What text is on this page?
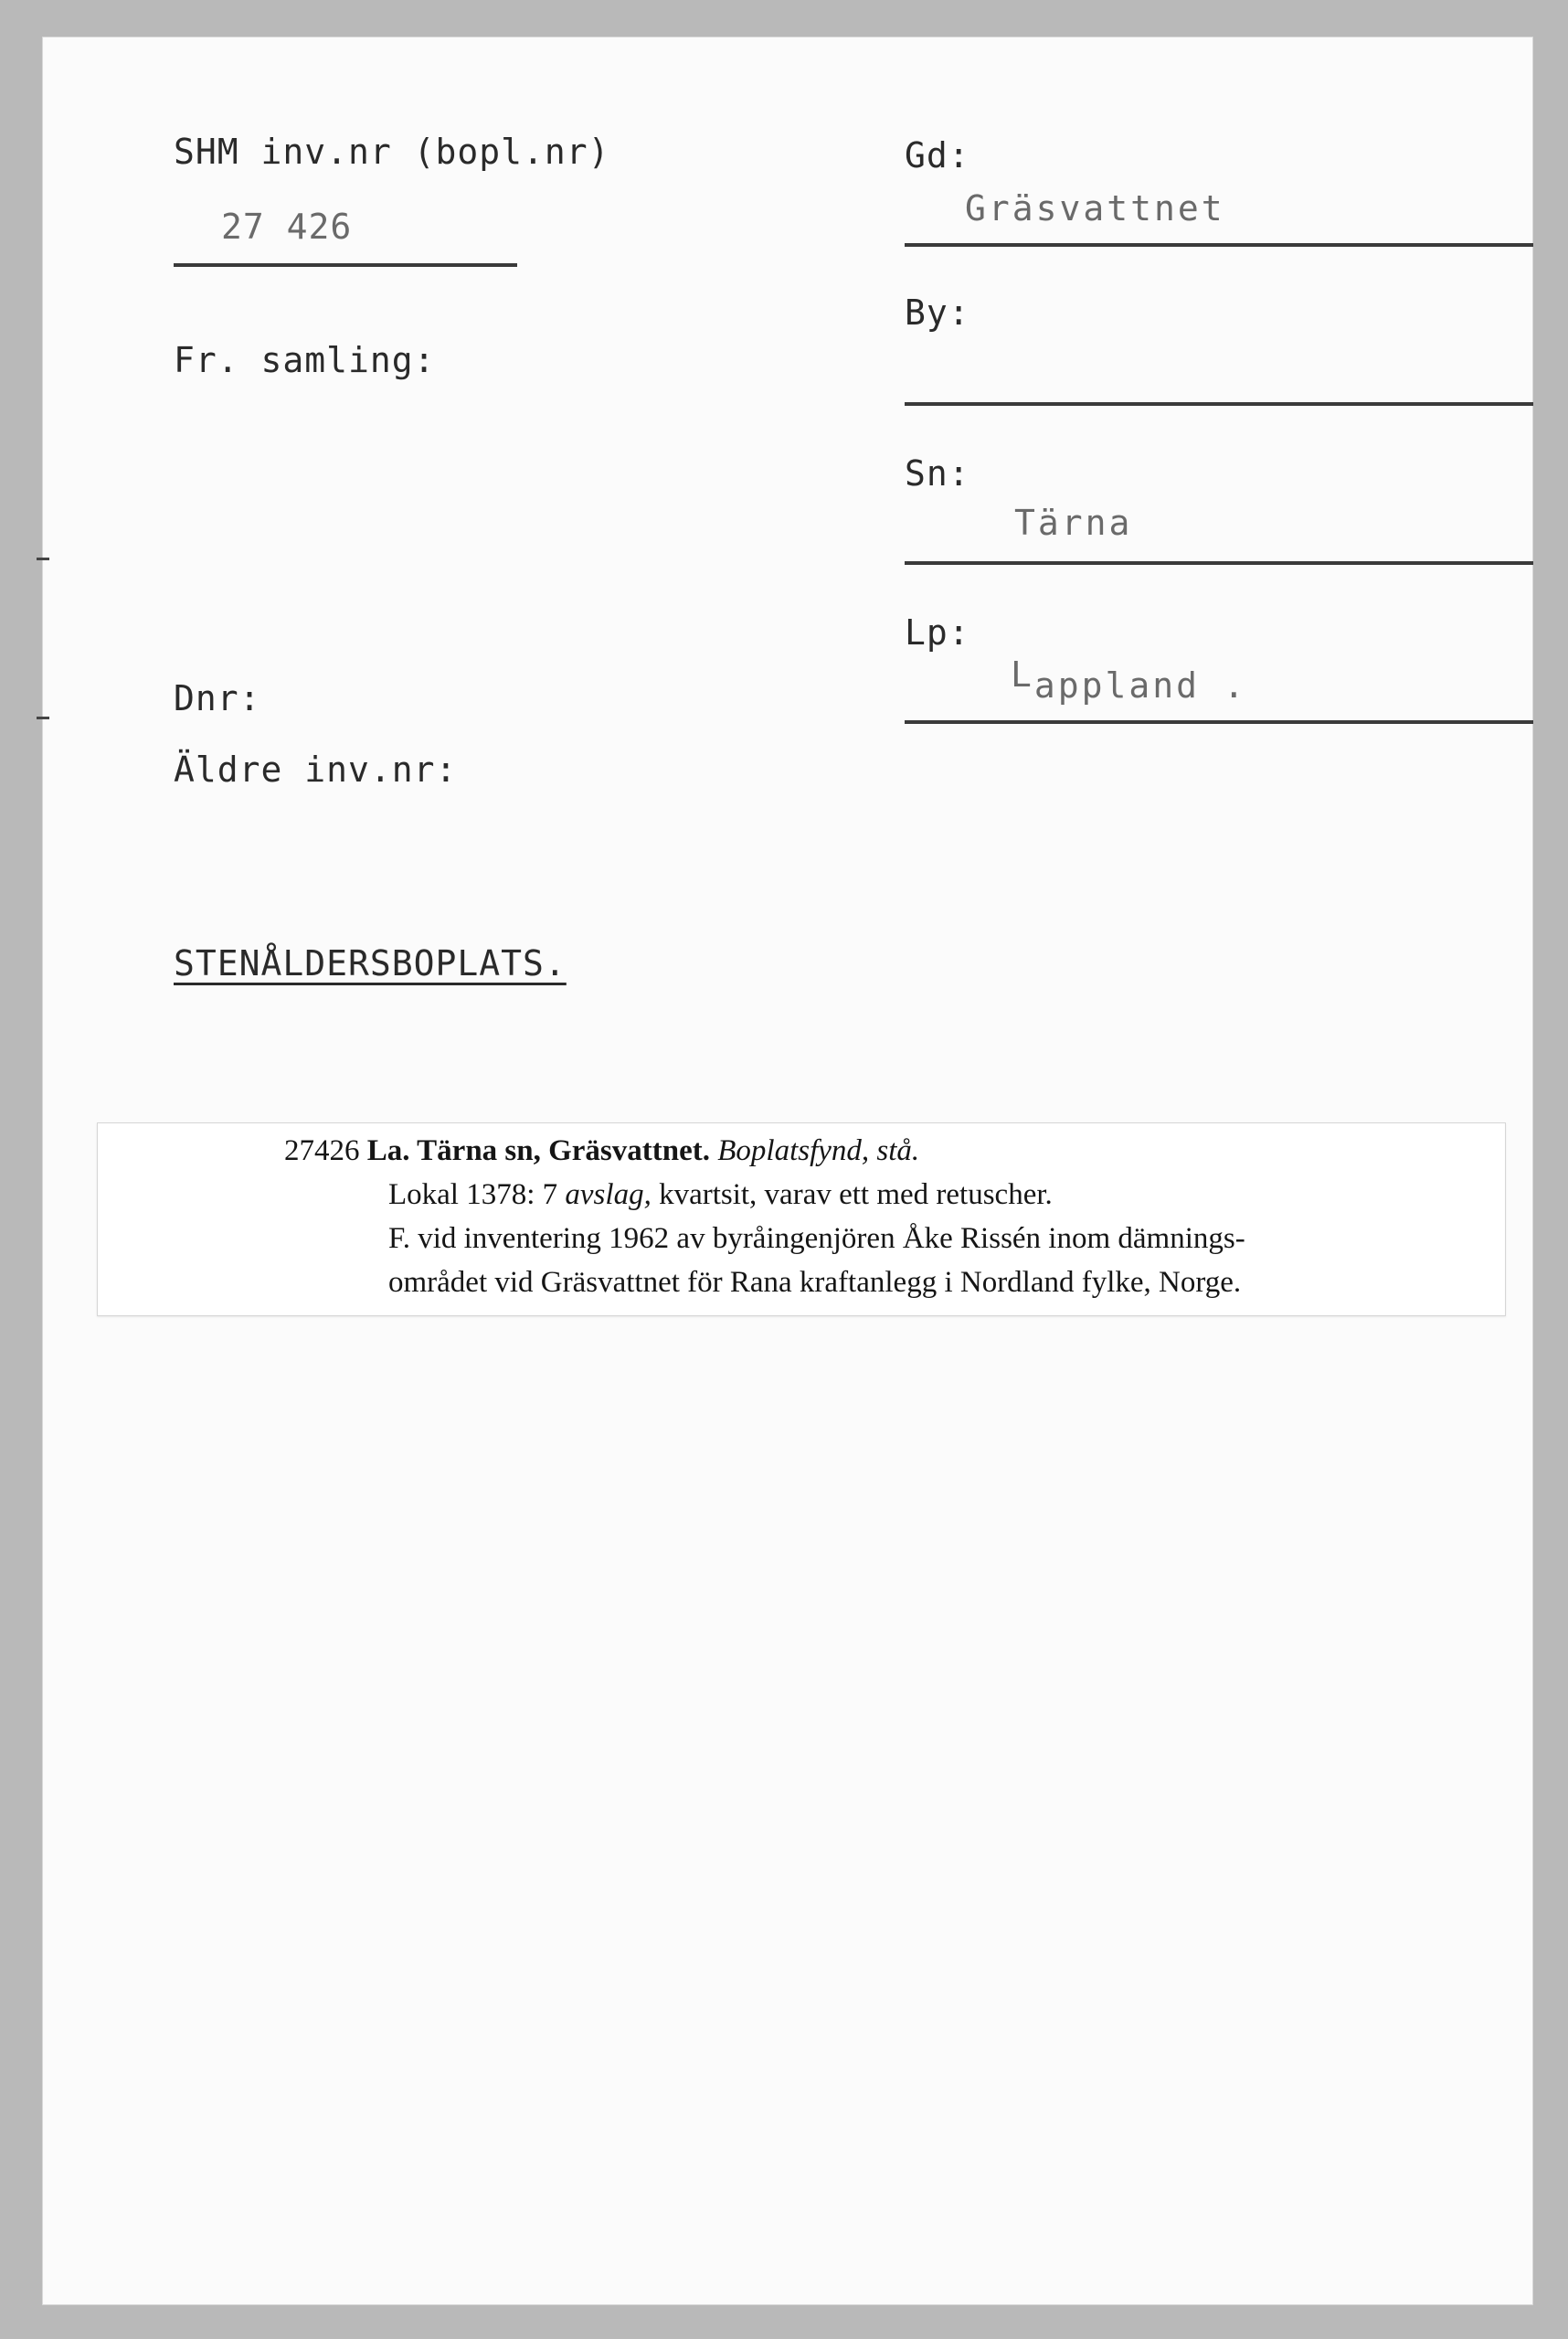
SHM inv.nr (bopl.nr)
27 426
Fr. samling:
Dnr:
Äldre inv.nr:
STENÅLDERSBOPLATS.
Gd:
Gräsvattnet
By:
Sn:
Tärna
Lp:
Lappland .
27426 La. Tärna sn, Gräsvattnet. Boplatsfynd, stå.
Lokal 1378: 7 avslag, kvartsit, varav ett med retuscher.
F. vid inventering 1962 av byråingenjören Åke Rissén inom dämnings-
området vid Gräsvattnet för Rana kraftanlegg i Nordland fylke, Norge.
